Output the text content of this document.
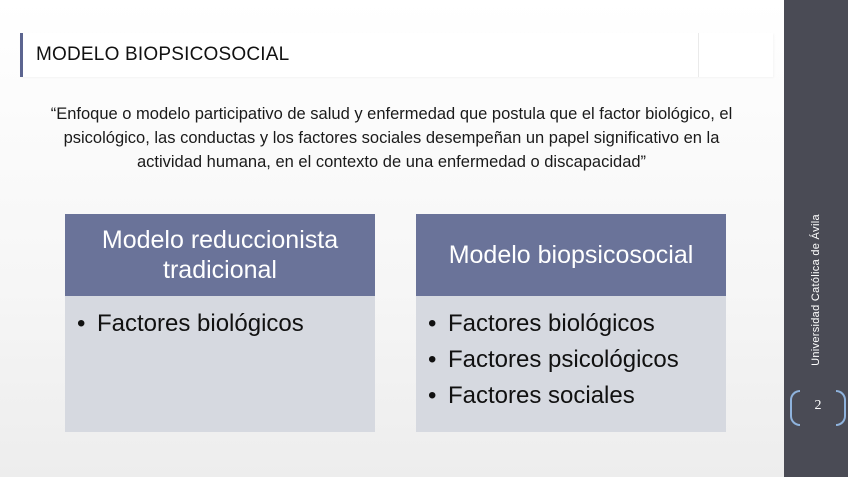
MODELO BIOPSICOSOCIAL
“Enfoque o modelo participativo de salud y enfermedad que postula que el factor biológico, el psicológico, las conductas y los factores sociales desempeñan un papel significativo en la actividad humana, en el contexto de una enfermedad o discapacidad”
Modelo reduccionista tradicional
• Factores biológicos
Modelo biopsicosocial
• Factores biológicos
• Factores psicológicos
• Factores sociales
Universidad Católica de Ávila
2
